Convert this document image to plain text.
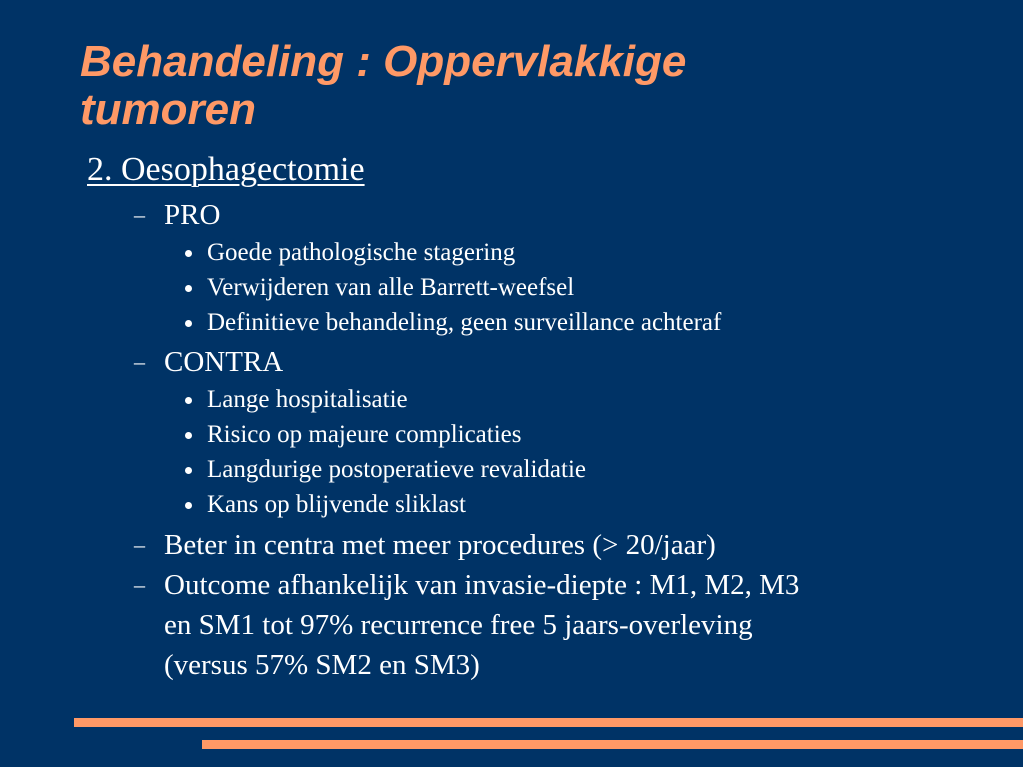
Behandeling : Oppervlakkige
tumoren
2. Oesophagectomie
– PRO
Goede pathologische stagering
Verwijderen van alle Barrett-weefsel
Definitieve behandeling, geen surveillance achteraf
– CONTRA
Lange hospitalisatie
Risico op majeure complicaties
Langdurige postoperatieve revalidatie
Kans op blijvende sliklast
– Beter in centra met meer procedures (> 20/jaar)
– Outcome afhankelijk van invasie-diepte : M1, M2, M3
en SM1 tot 97% recurrence free 5 jaars-overleving
(versus 57% SM2 en SM3)
